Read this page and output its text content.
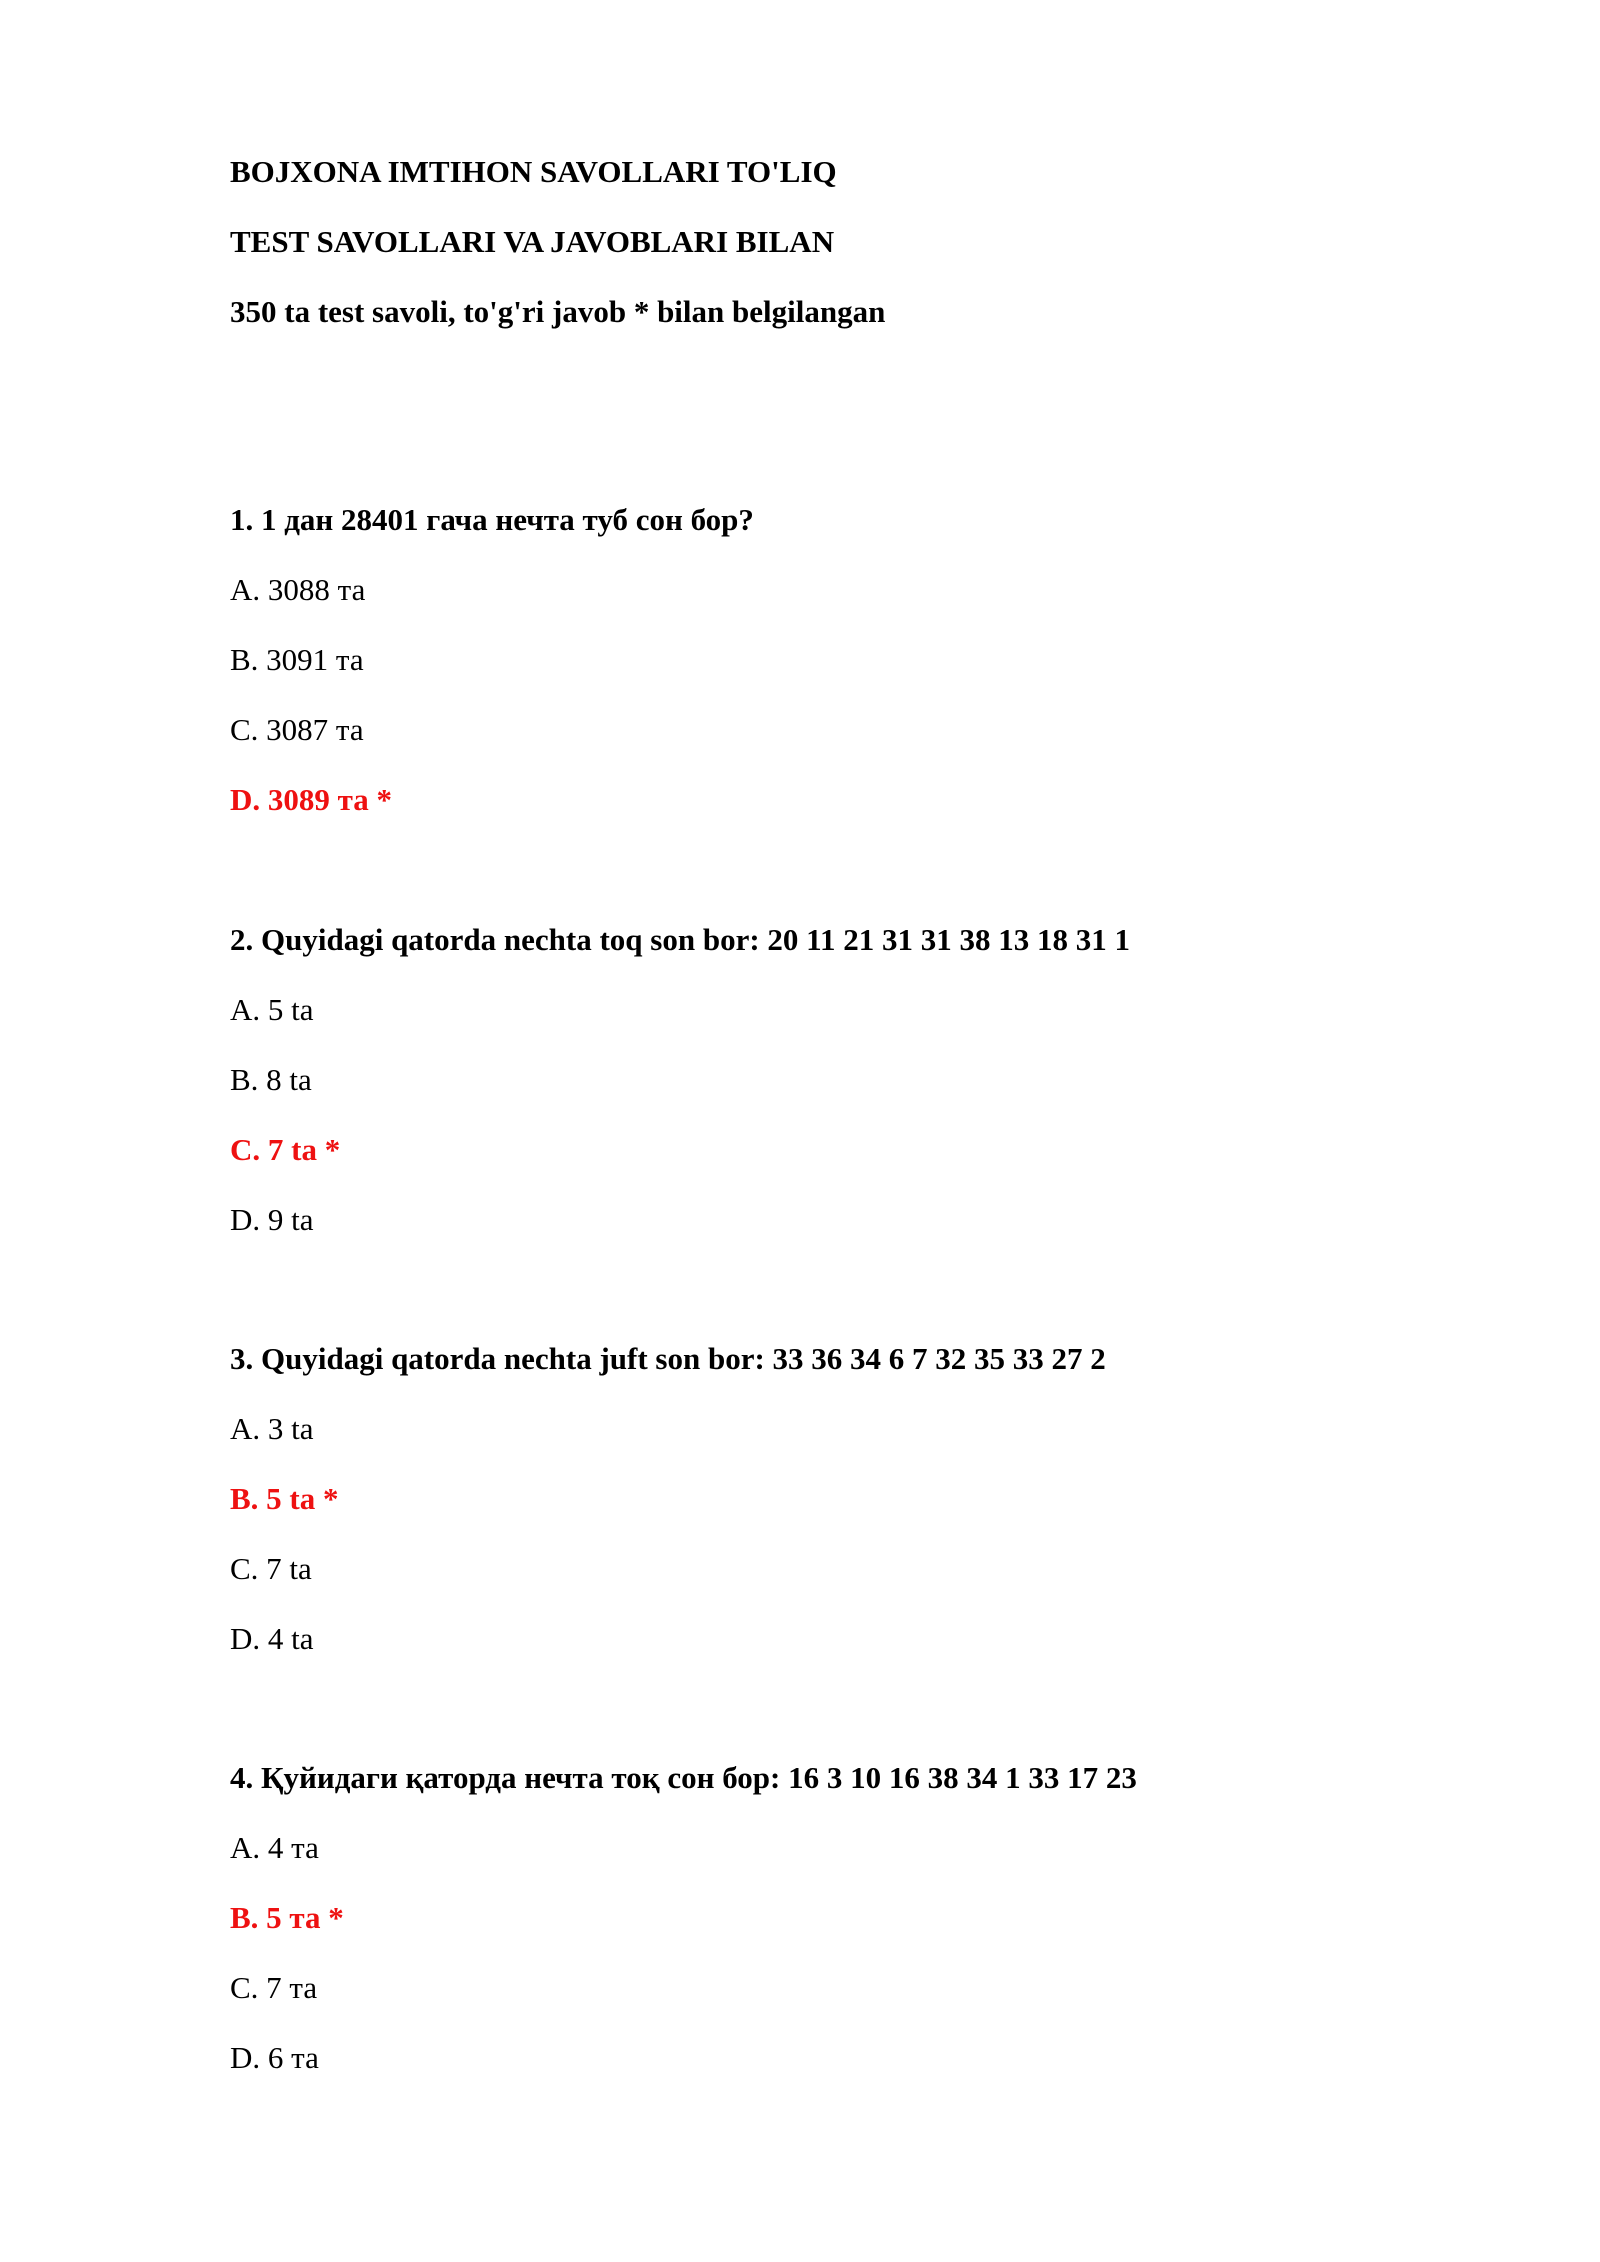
BOJXONA IMTIHON SAVOLLARI TO'LIQ
TEST SAVOLLARI VA JAVOBLARI BILAN
350 ta test savoli, to'g'ri javob * bilan belgilangan
1. 1 дан 28401 гача нечта туб сон бор?
A. 3088 та
B. 3091 та
C. 3087 та
D. 3089 та *
2. Quyidagi qatorda nechta toq son bor: 20 11 21 31 31 38 13 18 31 1
A. 5 ta
B. 8 ta
C. 7 ta *
D. 9 ta
3. Quyidagi qatorda nechta juft son bor: 33 36 34 6 7 32 35 33 27 2
A. 3 ta
B. 5 ta *
C. 7 ta
D. 4 ta
4. Қуйидаги қаторда нечта тоқ сон бор: 16 3 10 16 38 34 1 33 17 23
A. 4 та
B. 5 та *
C. 7 та
D. 6 та
